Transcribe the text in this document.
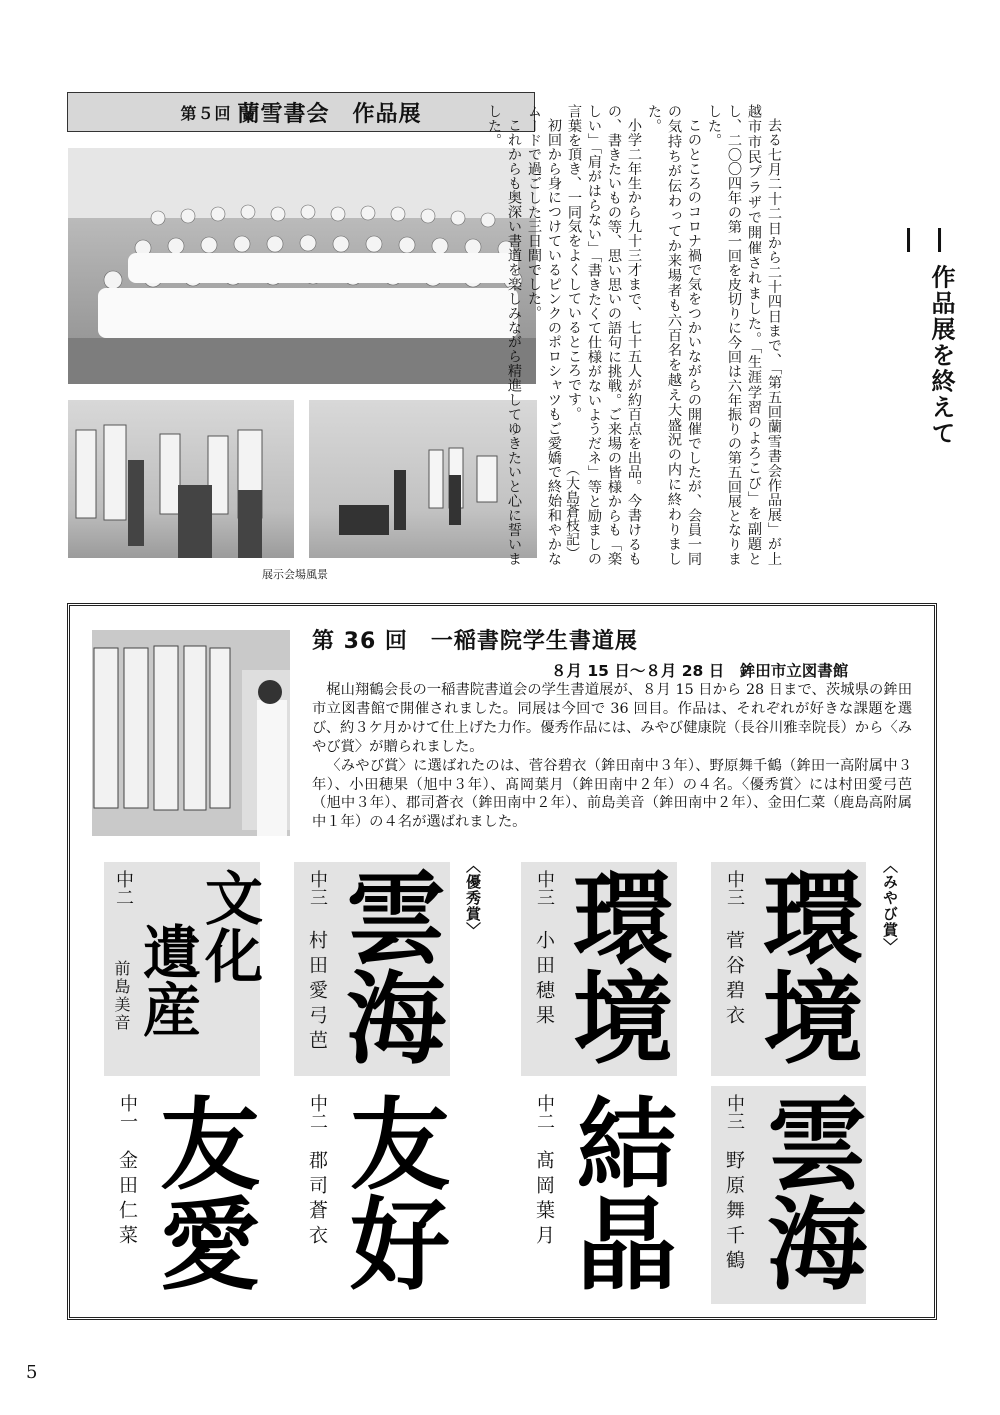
第５回 蘭雪書会　作品展
展示会場風景
― 作品展を終えて ―

去る七月二十二日から二十四日まで、「第五回蘭雪書会作品展」が上越市市民プラザで開催されました。「生涯学習のよろこび」を副題とし、二〇〇四年の第一回を皮切りに今回は六年振りの第五回展となりました。

このところのコロナ禍で気をつかいながらの開催でしたが、会員一同の気持ちが伝わってか来場者も六百名を越え大盛況の内に終わりました。

小学二年生から九十三才まで、七十五人が約百点を出品。今書けるもの、書きたいもの等、思い思いの語句に挑戦。ご来場の皆様からも「楽しい」「肩がはらない」「書きたくて仕様がないようだネ」等と励ましの言葉を頂き、一同気をよくしているところです。

初回から身につけているピンクのポロシャツもご愛嬌で終始和やかなムードで過ごした三日間でした。

これからも奥深い書道を楽しみながら精進してゆきたいと心に誓いました。

（大島蒼枝記）
第 36 回　一稲書院学生書道展
８月 15 日～８月 28 日　鉾田市立図書館

梶山翔鶴会長の一稲書院書道会の学生書道展が、８月 15 日から 28 日まで、茨城県の鉾田市立図書館で開催されました。同展は今回で 36 回目。作品は、それぞれが好きな課題を選び、約３ケ月かけて仕上げた力作。優秀作品には、みやび健康院（長谷川雅幸院長）から〈みやび賞〉が贈られました。

〈みやび賞〉に選ばれたのは、菅谷碧衣（鉾田南中３年）、野原舞千鶴（鉾田一高附属中３年）、小田穂果（旭中３年）、髙岡葉月（鉾田南中２年）の４名。〈優秀賞〉には村田愛弓芭（旭中３年）、郡司蒼衣（鉾田南中２年）、前島美音（鉾田南中２年）、金田仁菜（鹿島高附属中１年）の４名が選ばれました。

〈みやび賞〉
〈優秀賞〉	中三
菅谷碧衣 環境
中三
小田穂果 環境
中三
村田愛弓芭 雲海
文化
遺産
中二
前島美音
中三
野原舞千鶴 雲海
中二
髙岡葉月 結晶
中二
郡司蒼衣 友好
中一
金田仁菜 友愛
5
